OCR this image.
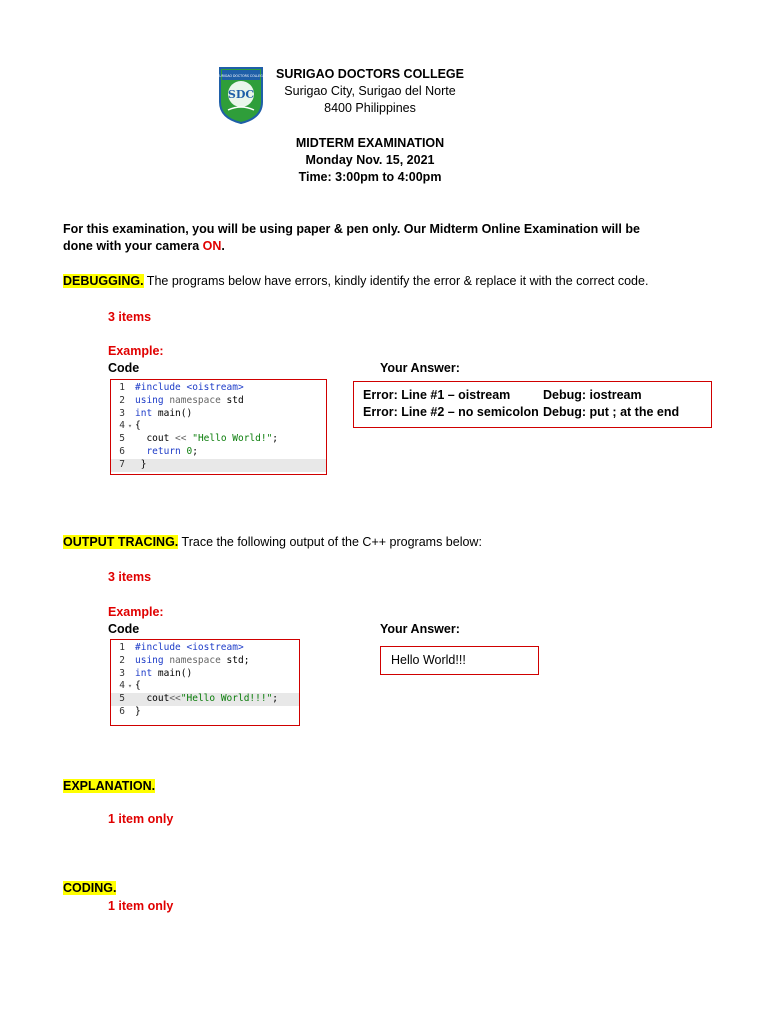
SDC
SURIGAO DOCTORS COLLEGE SURIGAO DOCTORS COLLEGE
Surigao City, Surigao del Norte
8400 Philippines
MIDTERM EXAMINATION
Monday Nov. 15, 2021
Time: 3:00pm to 4:00pm
For this examination, you will be using paper & pen only. Our Midterm Online Examination will be done with your camera ON.
DEBUGGING. The programs below have errors, kindly identify the error & replace it with the correct code.
3 items
Example:
Code	Your Answer:
1 #include <oistream>
2 using namespace std
3 int main()
4 ▾ {
5  cout << "Hello World!";
6 return 0;
7 }
Error: Line #1 – oistream	Debug: iostream
Error: Line #2 – no semicolon Debug: put ; at the end
OUTPUT TRACING. Trace the following output of the C++ programs below:
3 items
Example:
Code	Your Answer:
1 #include <iostream>
2 using namespace std;
3 int main()
4 ▾ {
5  cout<<"Hello World!!!";
6 }
Hello World!!!
EXPLANATION.
1 item only
CODING.
1 item only
